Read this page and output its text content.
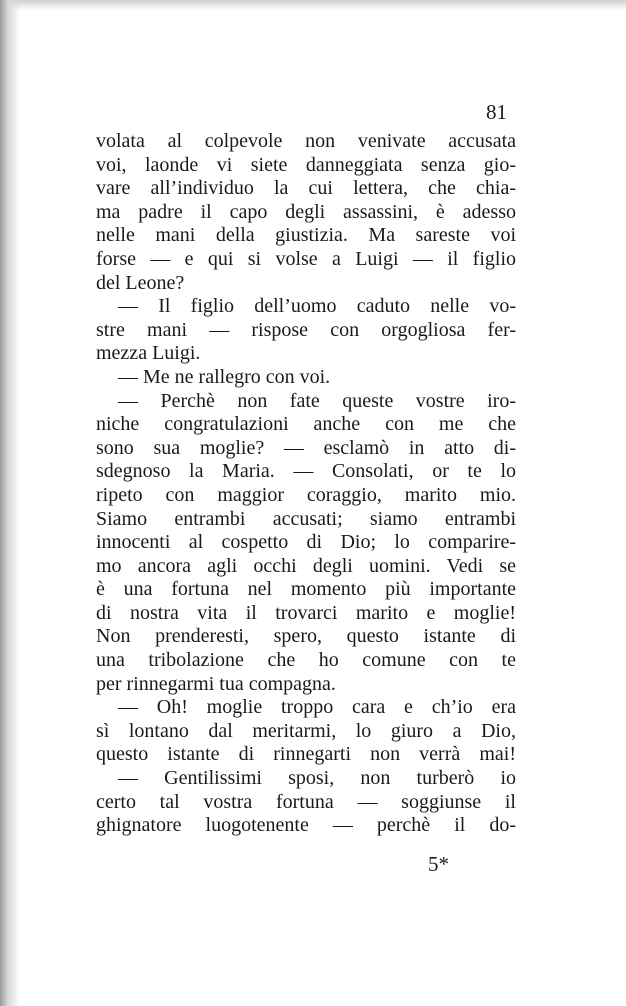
81
volata al colpevole non venivate accusata
voi, laonde vi siete danneggiata senza gio-
vare all’individuo la cui lettera, che chia-
ma padre il capo degli assassini, è adesso
nelle mani della giustizia. Ma sareste voi
forse — e qui si volse a Luigi — il figlio
del Leone?
— Il figlio dell’uomo caduto nelle vo-
stre mani — rispose con orgogliosa fer-
mezza Luigi.
— Me ne rallegro con voi.
— Perchè non fate queste vostre iro-
niche congratulazioni anche con me che
sono sua moglie? — esclamò in atto di-
sdegnoso la Maria. — Consolati, or te lo
ripeto con maggior coraggio, marito mio.
Siamo entrambi accusati; siamo entrambi
innocenti al cospetto di Dio; lo comparire-
mo ancora agli occhi degli uomini. Vedi se
è una fortuna nel momento più importante
di nostra vita il trovarci marito e moglie!
Non prenderesti, spero, questo istante di
una tribolazione che ho comune con te
per rinnegarmi tua compagna.
— Oh! moglie troppo cara e ch’io era
sì lontano dal meritarmi, lo giuro a Dio,
questo istante di rinnegarti non verrà mai!
— Gentilissimi sposi, non turberò io
certo tal vostra fortuna — soggiunse il
ghignatore luogotenente — perchè il do-
5*
